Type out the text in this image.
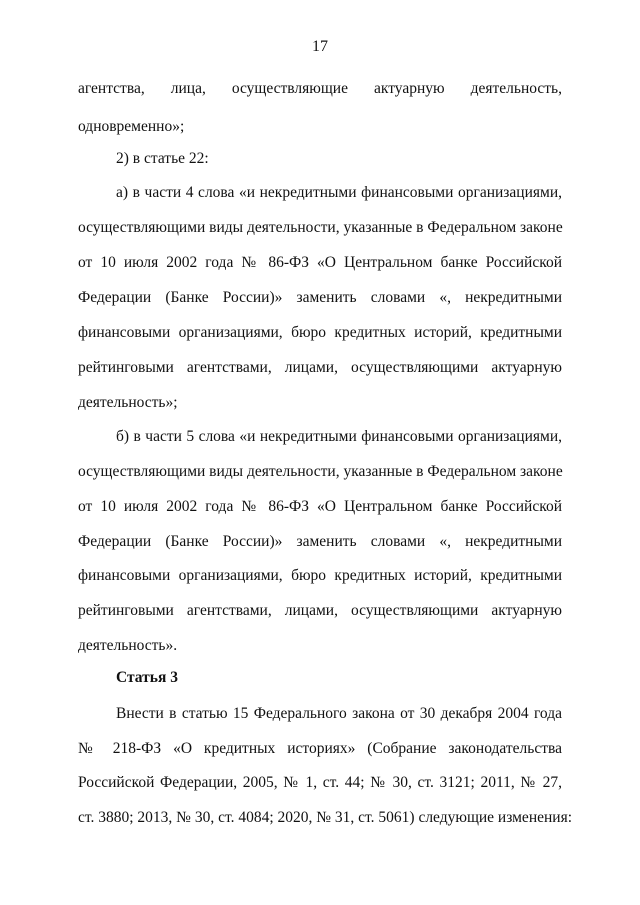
17
агентства, лица, осуществляющие актуарную деятельность,
одновременно»;
2) в статье 22:
а) в части 4 слова «и некредитными финансовыми организациями,
осуществляющими виды деятельности, указанные в Федеральном законе
от 10 июля 2002 года № 86-ФЗ «О Центральном банке Российской
Федерации (Банке России)» заменить словами «, некредитными
финансовыми организациями, бюро кредитных историй, кредитными
рейтинговыми агентствами, лицами, осуществляющими актуарную
деятельность»;
б) в части 5 слова «и некредитными финансовыми организациями,
осуществляющими виды деятельности, указанные в Федеральном законе
от 10 июля 2002 года № 86-ФЗ «О Центральном банке Российской
Федерации (Банке России)» заменить словами «, некредитными
финансовыми организациями, бюро кредитных историй, кредитными
рейтинговыми агентствами, лицами, осуществляющими актуарную
деятельность».
Статья 3
Внести в статью 15 Федерального закона от 30 декабря 2004 года
№ 218-ФЗ «О кредитных историях» (Собрание законодательства
Российской Федерации, 2005, № 1, ст. 44; № 30, ст. 3121; 2011, № 27,
ст. 3880; 2013, № 30, ст. 4084; 2020, № 31, ст. 5061) следующие изменения:
